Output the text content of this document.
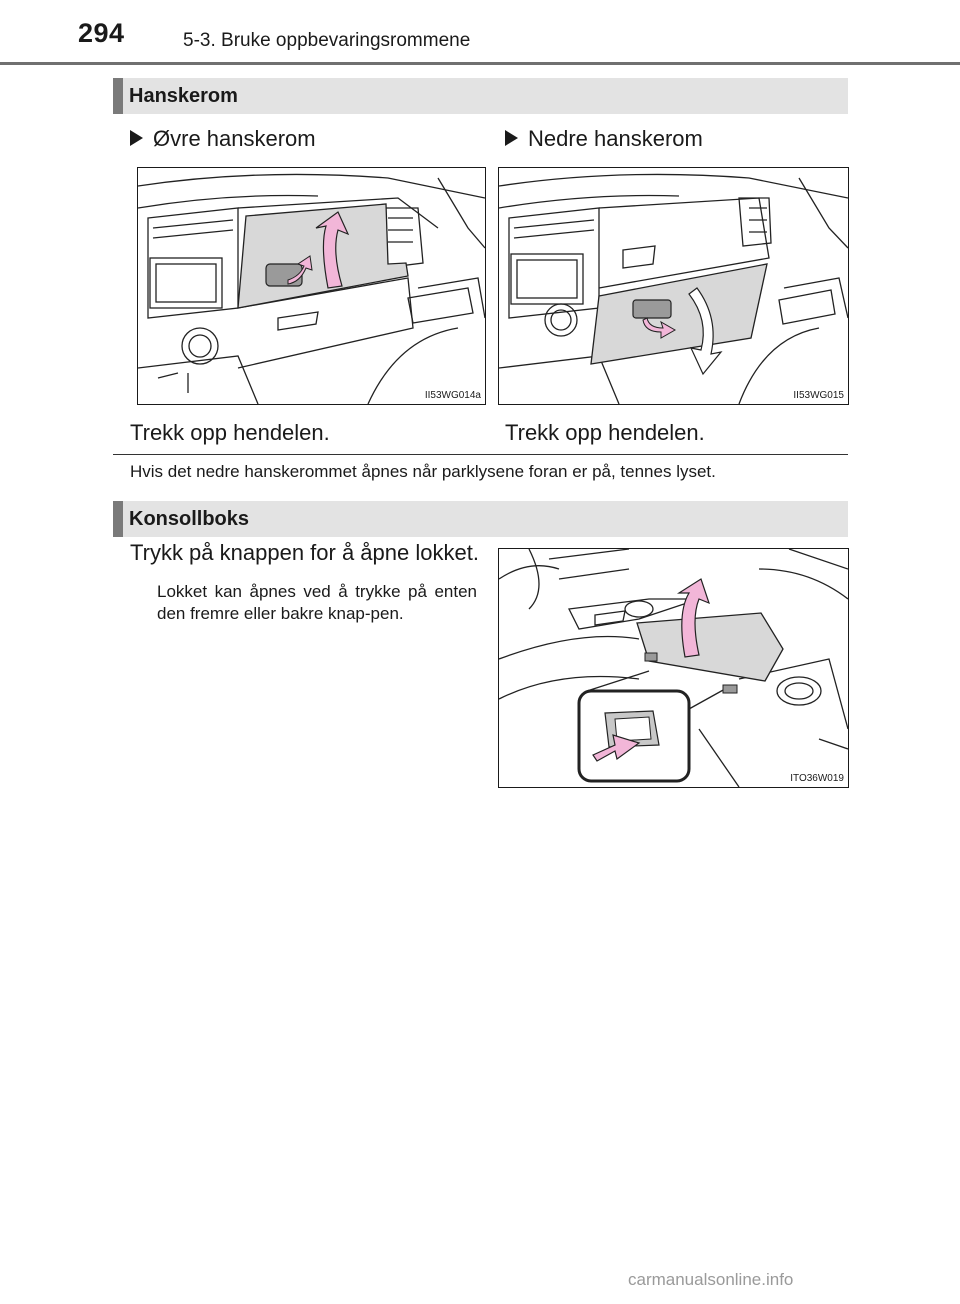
294	5-3. Bruke oppbevaringsrommene
Hanskerom
Øvre hanskerom	Nedre hanskerom
II53WG014a	II53WG015
Trekk opp hendelen.	Trekk opp hendelen.
Hvis det nedre hanskerommet åpnes når parklysene foran er på, tennes lyset.
Konsollboks
Trykk på knappen for å åpne lokket.
Lokket kan åpnes ved å trykke på enten den fremre eller bakre knap-pen.
ITO36W019
carmanualsonline.info
